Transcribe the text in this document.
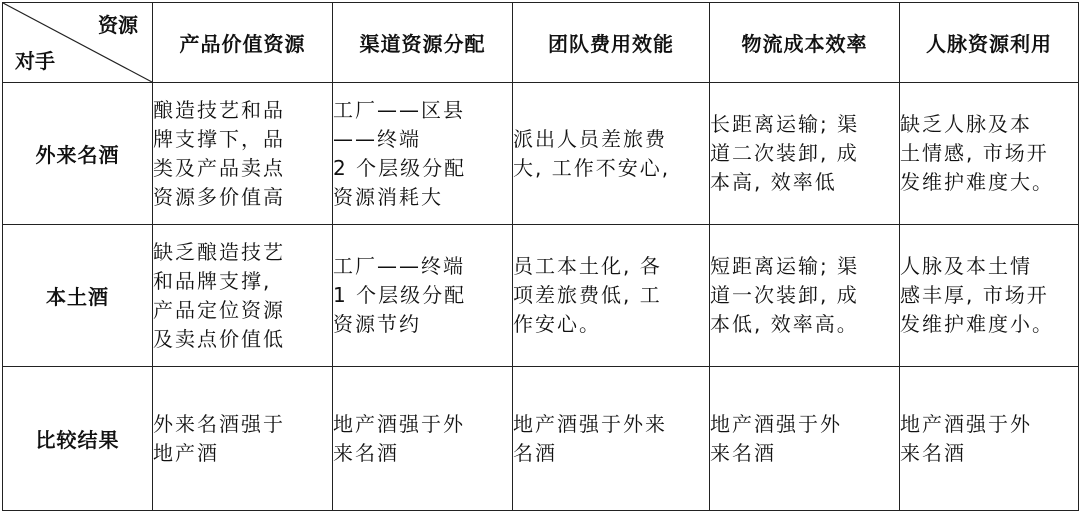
资源
对手	产品价值资源	渠道资源分配	团队费用效能	物流成本效率	人脉资源利用
外来名酒	酿造技艺和品
牌支撑下，品
类及产品卖点
资源多价值高	工厂——区县
——终端
2 个层级分配
资源消耗大	派出人员差旅费
大, 工作不安心,	长距离运输; 渠
道二次装卸, 成
本高, 效率低	缺乏人脉及本
土情感, 市场开
发维护难度大。
本土酒	缺乏酿造技艺
和品牌支撑,
产品定位资源
及卖点价值低	工厂——终端
1 个层级分配
资源节约	员工本土化, 各
项差旅费低, 工
作安心。	短距离运输; 渠
道一次装卸, 成
本低, 效率高。	人脉及本土情
感丰厚, 市场开
发维护难度小。
比较结果	外来名酒强于
地产酒	地产酒强于外
来名酒	地产酒强于外来
名酒	地产酒强于外
来名酒	地产酒强于外
来名酒
